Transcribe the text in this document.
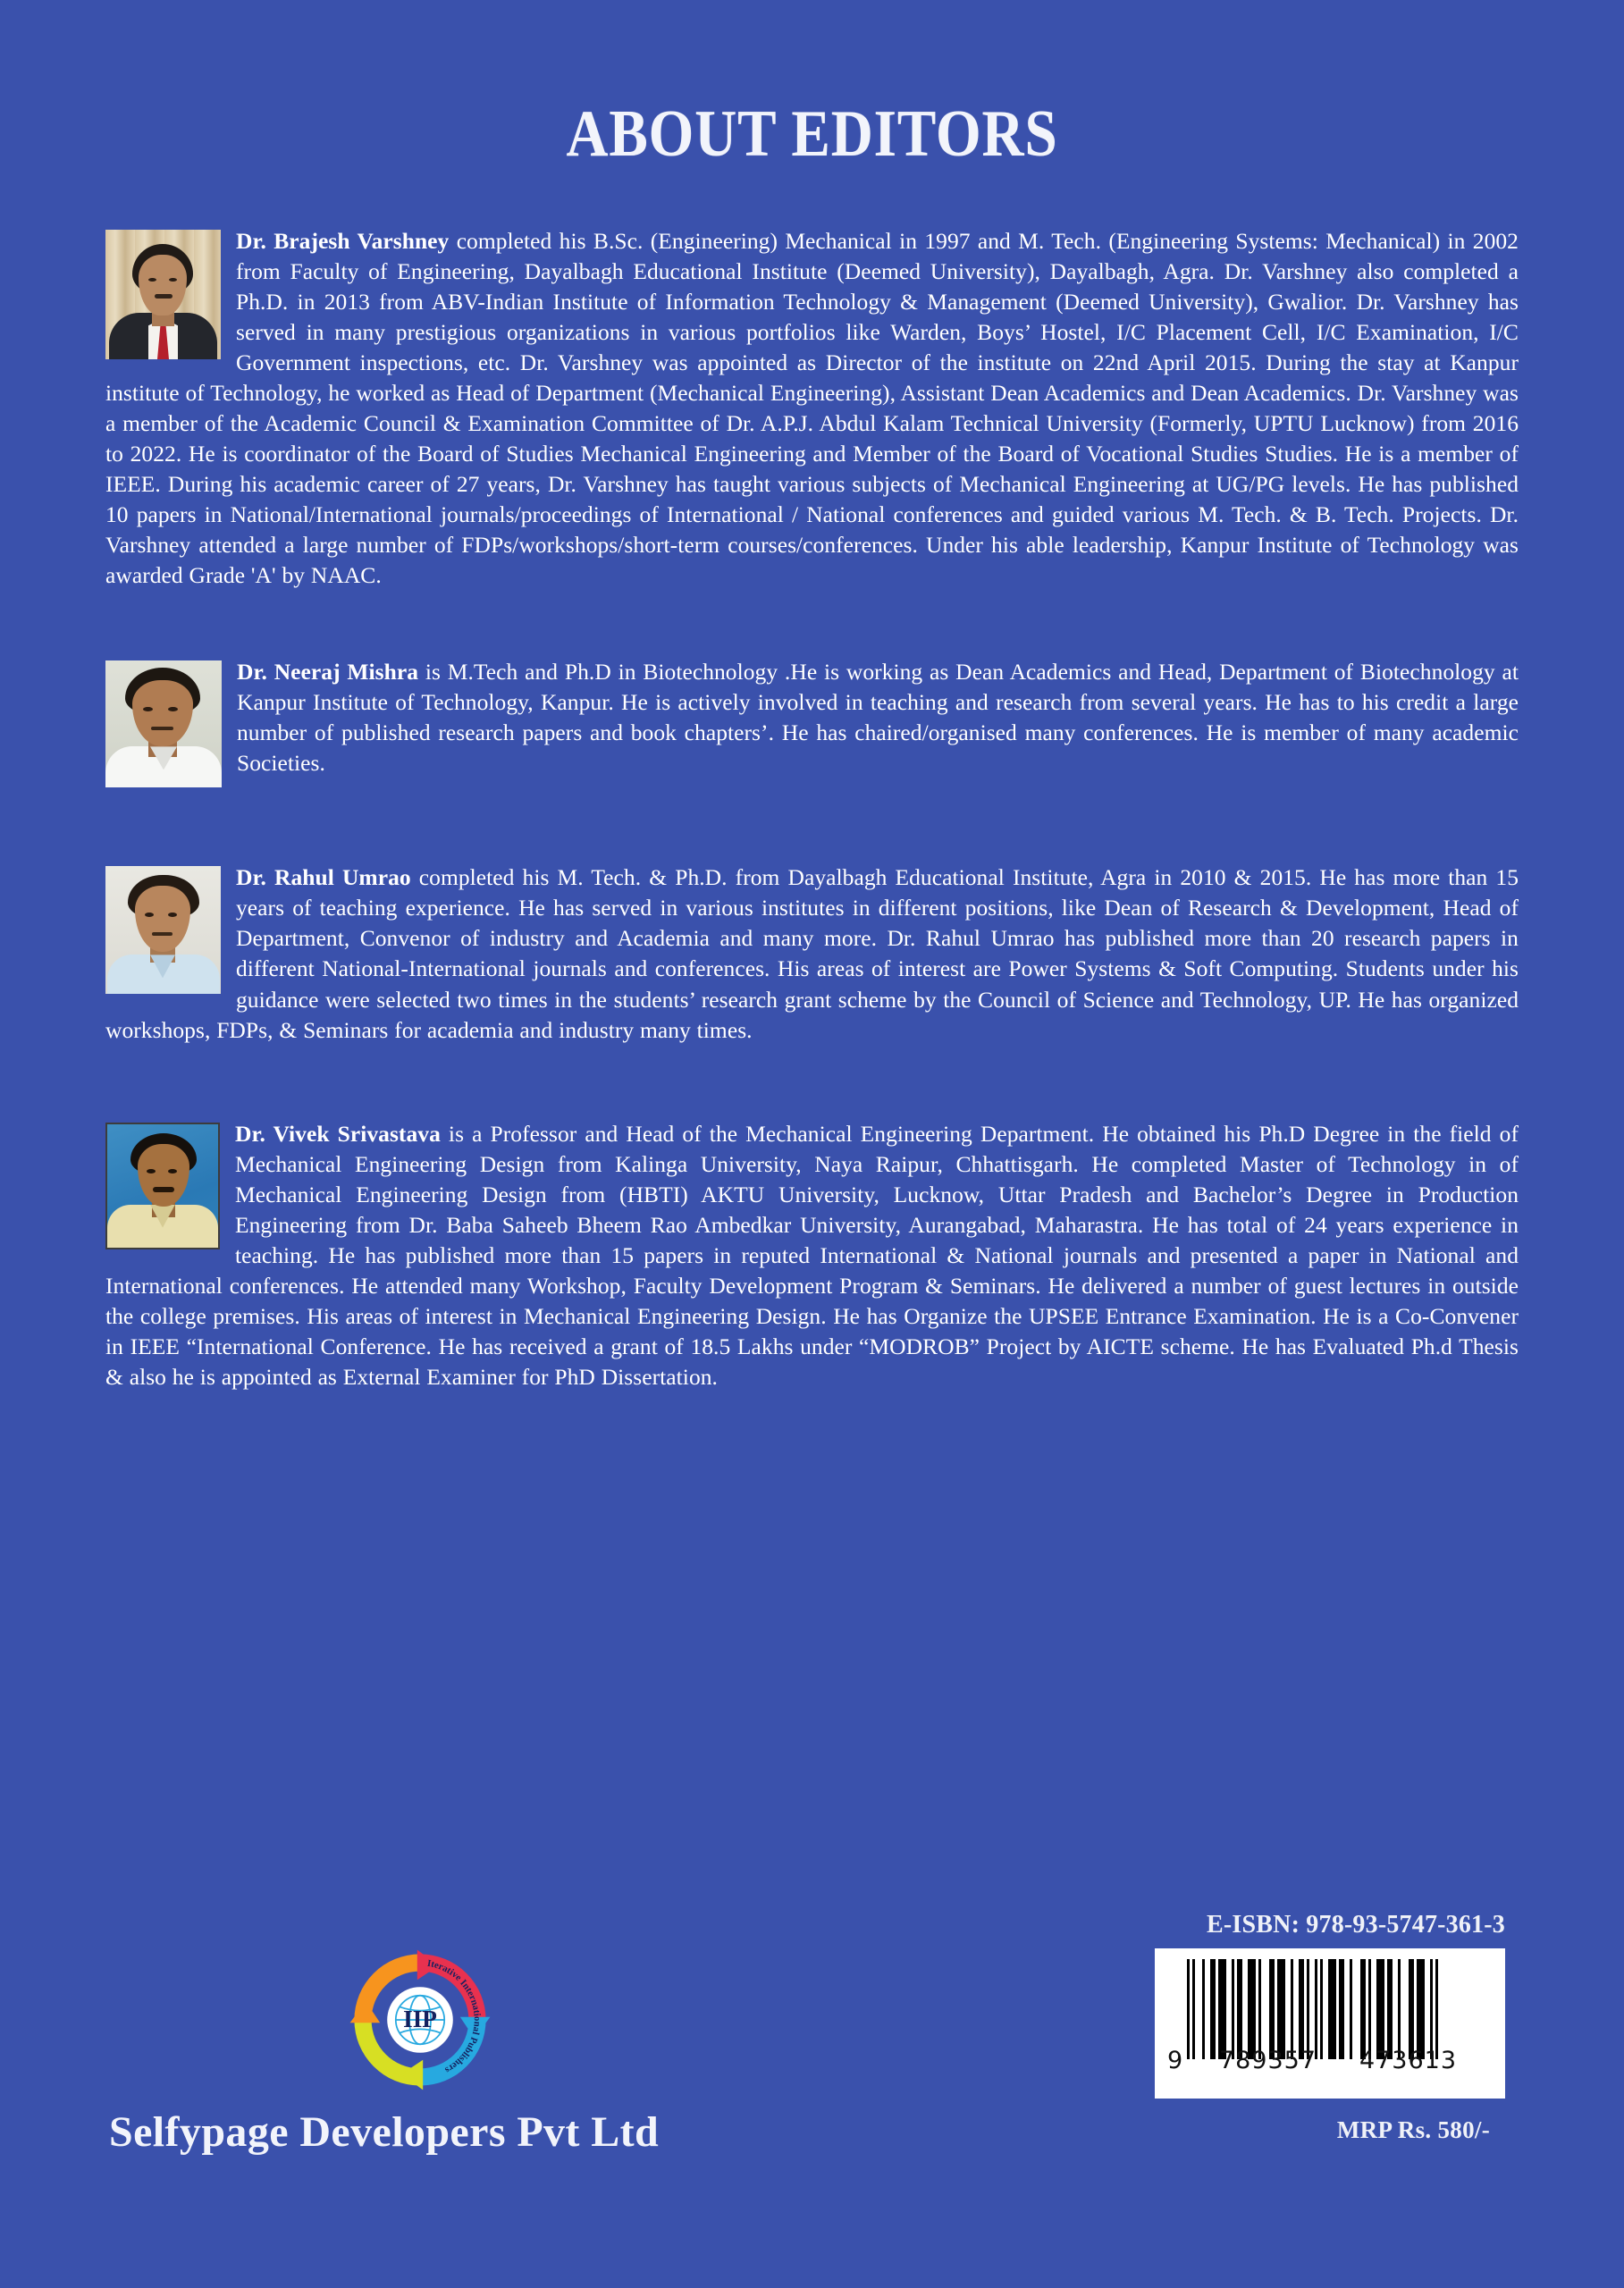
ABOUT EDITORS

Dr. Brajesh Varshney completed his B.Sc. (Engineering) Mechanical in 1997 and M. Tech. (Engineering Systems: Mechanical) in 2002 from Faculty of Engineering, Dayalbagh Educational Institute (Deemed University), Dayalbagh, Agra. Dr. Varshney also completed a Ph.D. in 2013 from ABV-Indian Institute of Information Technology & Management (Deemed University), Gwalior. Dr. Varshney has served in many prestigious organizations in various portfolios like Warden, Boys’ Hostel, I/C Placement Cell, I/C Examination, I/C Government inspections, etc. Dr. Varshney was appointed as Director of the institute on 22nd April 2015. During the stay at Kanpur institute of Technology, he worked as Head of Department (Mechanical Engineering), Assistant Dean Academics and Dean Academics. Dr. Varshney was a member of the Academic Council & Examination Committee of Dr. A.P.J. Abdul Kalam Technical University (Formerly, UPTU Lucknow) from 2016 to 2022. He is coordinator of the Board of Studies Mechanical Engineering and Member of the Board of Vocational Studies Studies. He is a member of IEEE. During his academic career of 27 years, Dr. Varshney has taught various subjects of Mechanical Engineering at UG/PG levels. He has published 10 papers in National/International journals/proceedings of International / National conferences and guided various M. Tech. & B. Tech. Projects. Dr. Varshney attended a large number of FDPs/workshops/short-term courses/conferences. Under his able leadership, Kanpur Institute of Technology was awarded Grade 'A' by NAAC.

Dr. Neeraj Mishra is M.Tech and Ph.D in Biotechnology .He is working as Dean Academics and Head, Department of Biotechnology at Kanpur Institute of Technology, Kanpur. He is actively involved in teaching and research from several years. He has to his credit a large number of published research papers and book chapters’. He has chaired/organised many conferences. He is member of many academic Societies.

Dr. Rahul Umrao completed his M. Tech. & Ph.D. from Dayalbagh Educational Institute, Agra in 2010 & 2015. He has more than 15 years of teaching experience. He has served in various institutes in different positions, like Dean of Research & Development, Head of Department, Convenor of industry and Academia and many more. Dr. Rahul Umrao has published more than 20 research papers in different National-International journals and conferences. His areas of interest are Power Systems & Soft Computing. Students under his guidance were selected two times in the students’ research grant scheme by the Council of Science and Technology, UP. He has organized workshops, FDPs, & Seminars for academia and industry many times.

Dr. Vivek Srivastava is a Professor and Head of the Mechanical Engineering Department. He obtained his Ph.D Degree in the field of Mechanical Engineering Design from Kalinga University, Naya Raipur, Chhattisgarh. He completed Master of Technology in of Mechanical Engineering Design from (HBTI) AKTU University, Lucknow, Uttar Pradesh and Bachelor’s Degree in Production Engineering from Dr. Baba Saheeb Bheem Rao Ambedkar University, Aurangabad, Maharastra. He has total of 24 years experience in teaching. He has published more than 15 papers in reputed International & National journals and presented a paper in National and International conferences. He attended many Workshop, Faculty Development Program & Seminars. He delivered a number of guest lectures in outside the college premises. His areas of interest in Mechanical Engineering Design. He has Organize the UPSEE Entrance Examination. He is a Co-Convener in IEEE “International Conference. He has received a grant of 18.5 Lakhs under “MODROB” Project by AICTE scheme. He has Evaluated Ph.d Thesis & also he is appointed as External Examiner for PhD Dissertation.

IIP
Iterative International Publishers
Selfypage Developers Pvt Ltd
E-ISBN: 978-93-5747-361-3
9	789357	473613
MRP Rs. 580/-
